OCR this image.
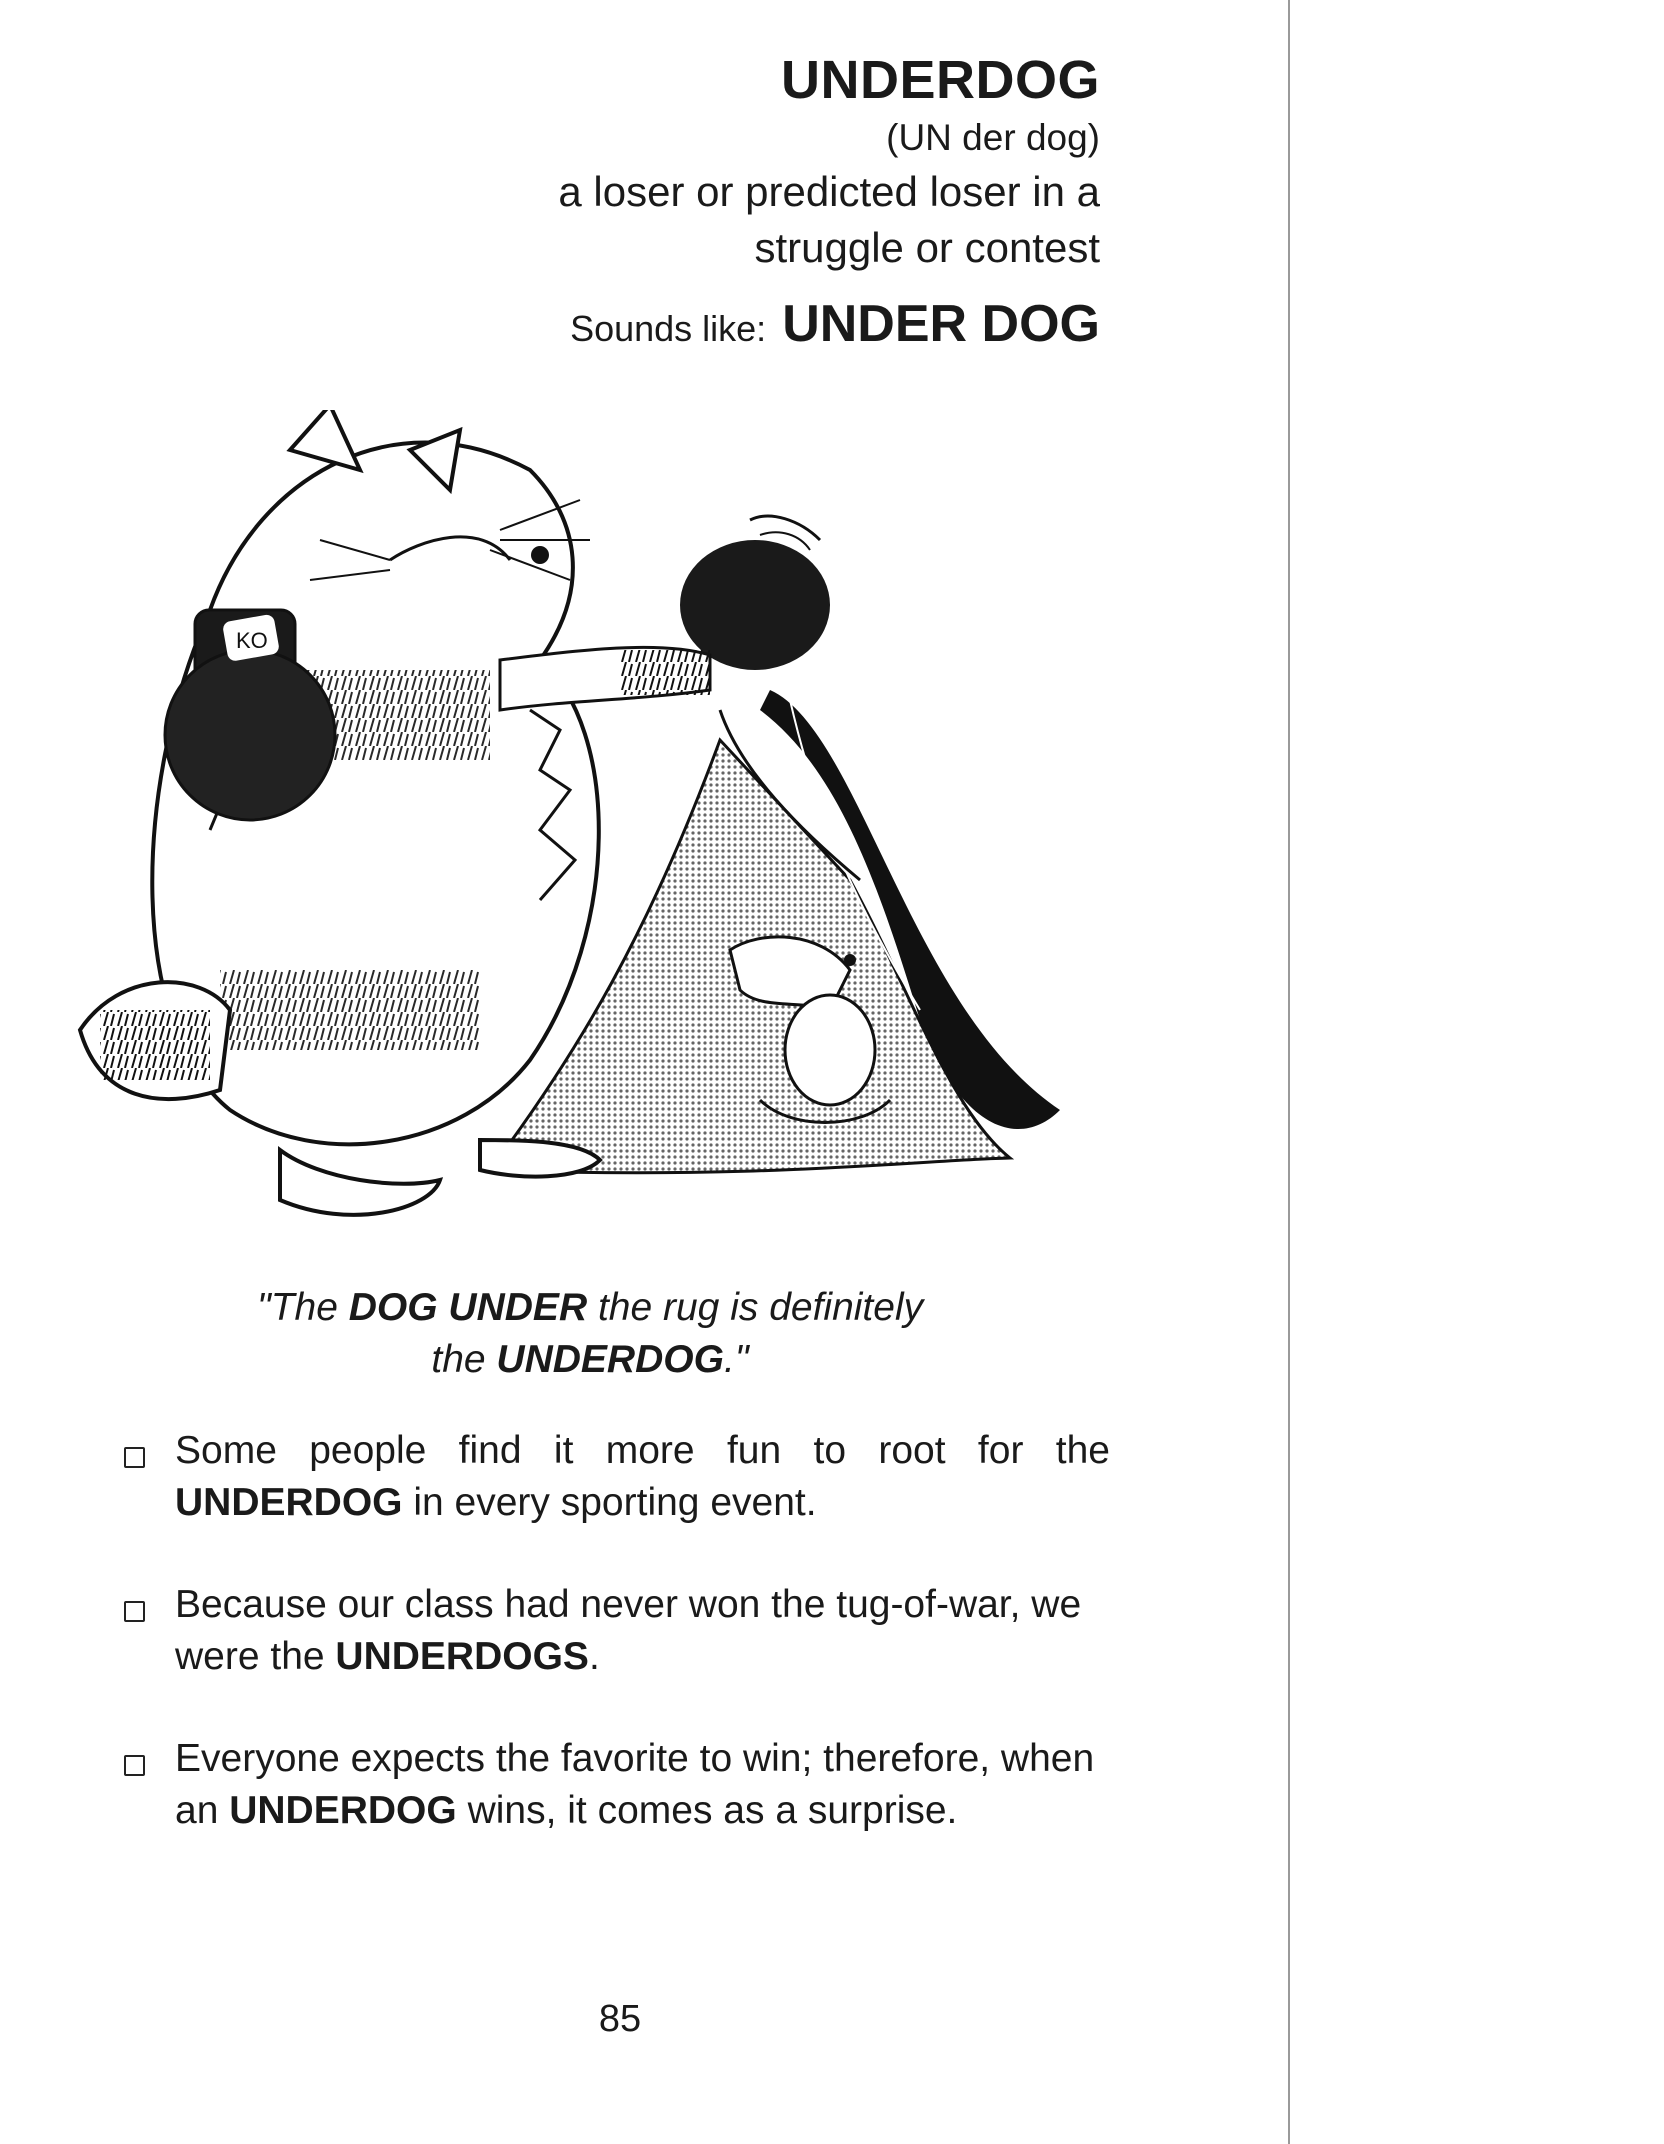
UNDERDOG
(UN der dog)
a loser or predicted loser in a
struggle or contest
Sounds like: UNDER DOG
KO
"The DOG UNDER the rug is definitely
the UNDERDOG."
Some people find it more fun to root for the UNDERDOG in every sporting event.
Because our class had never won the tug-of-war, we were the UNDERDOGS.
Everyone expects the favorite to win; therefore, when an UNDERDOG wins, it comes as a surprise.
85
